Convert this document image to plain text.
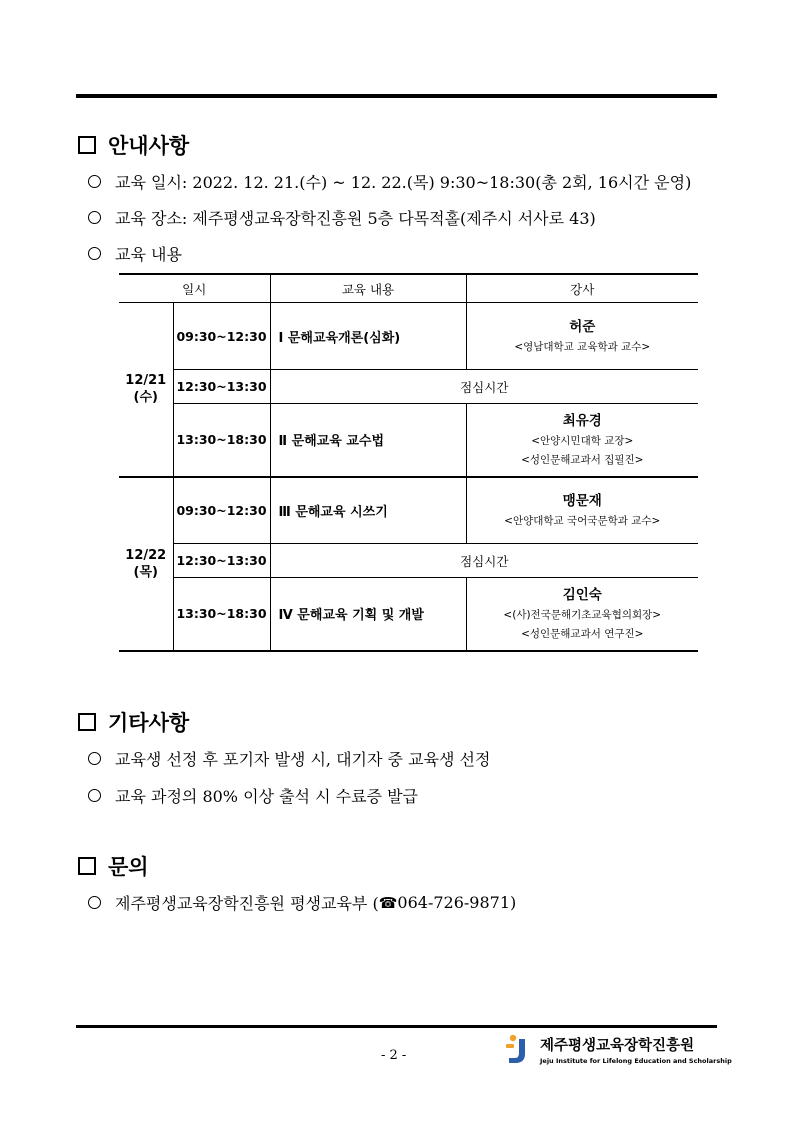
안내사항
교육 일시: 2022. 12. 21.(수) ~ 12. 22.(목) 9:30~18:30(총 2회, 16시간 운영)
교육 장소: 제주평생교육장학진흥원 5층 다목적홀(제주시 서사로 43)
교육 내용
일시		교육 내용	강사
12/21
(수)	09:30~12:30	Ⅰ 문해교육개론(심화)	허준
<영남대학교 교육학과 교수>

	12:30~13:30	점심시간	
	13:30~18:30	Ⅱ 문해교육 교수법	최유경
<안양시민대학 교장>
<성인문해교과서 집필진>

12/22
(목)	09:30~12:30	Ⅲ 문해교육 시쓰기	맹문재
<안양대학교 국어국문학과 교수>

	12:30~13:30	점심시간	
	13:30~18:30	Ⅳ 문해교육 기획 및 개발	김인숙
<(사)전국문해기초교육협의회장>
<성인문해교과서 연구진>
기타사항
교육생 선정 후 포기자 발생 시, 대기자 중 교육생 선정
교육 과정의 80% 이상 출석 시 수료증 발급
문의
제주평생교육장학진흥원 평생교육부 ( ☎ 064-726-9871)
- 2 -
제주평생교육장학진흥원
Jeju Institute for Lifelong Education and Scholarship
